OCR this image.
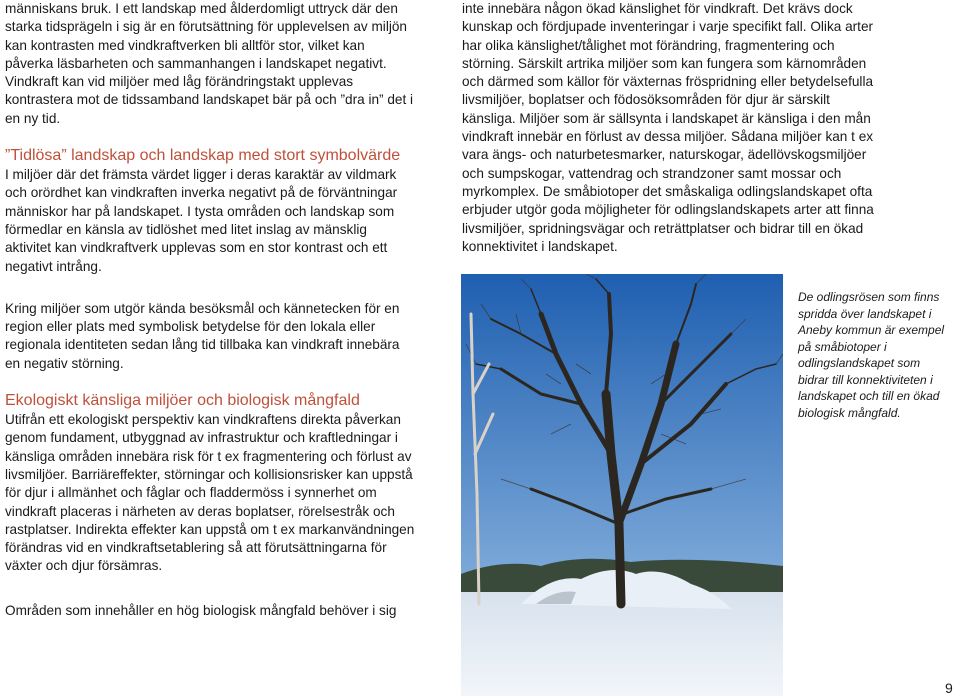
människans bruk. I ett landskap med ålderdomligt uttryck där den starka tidsprägeln i sig är en förutsättning för upplevelsen av miljön kan kontrasten med vindkraftverken bli alltför stor, vilket kan påverka läsbarheten och sammanhangen i landskapet negativt. Vindkraft kan vid miljöer med låg förändringstakt upplevas kontrastera mot de tidssamband landskapet bär på och ”dra in” det i en ny tid.

”Tidlösa” landskap och landskap med stort symbolvärde

I miljöer där det främsta värdet ligger i deras karaktär av vildmark och orördhet kan vindkraften inverka negativt på de förväntningar människor har på landskapet. I tysta områden och landskap som förmedlar en känsla av tidlöshet med litet inslag av mänsklig aktivitet kan vindkraftverk upplevas som en stor kontrast och ett negativt intrång.

Kring miljöer som utgör kända besöksmål och kännetecken för en region eller plats med symbolisk betydelse för den lokala eller regionala identiteten sedan lång tid tillbaka kan vindkraft innebära en negativ störning.

Ekologiskt känsliga miljöer och biologisk mångfald

Utifrån ett ekologiskt perspektiv kan vindkraftens direkta påverkan genom fundament, utbyggnad av infrastruktur och kraftledningar i känsliga områden innebära risk för t ex fragmentering och förlust av livsmiljöer. Barriäreffekter, störningar och kollisionsrisker kan uppstå för djur i allmänhet och fåglar och fladdermöss i synnerhet om vindkraft placeras i närheten av deras boplatser, rörelsestråk och rastplatser. Indirekta effekter kan uppstå om t ex markanvändningen förändras vid en vindkraftsetablering så att förutsättningarna för växter och djur försämras.

Områden som innehåller en hög biologisk mångfald behöver i sig

inte innebära någon ökad känslighet för vindkraft. Det krävs dock kunskap och fördjupade inventeringar i varje specifikt fall. Olika arter har olika känslighet/tålighet mot förändring, fragmentering och störning. Särskilt artrika miljöer som kan fungera som kärnområden och därmed som källor för växternas fröspridning eller betydelsefulla livsmiljöer, boplatser och födosöksområden för djur är särskilt känsliga. Miljöer som är sällsynta i landskapet är känsliga i den mån vindkraft innebär en förlust av dessa miljöer. Sådana miljöer kan t ex vara ängs- och naturbetesmarker, naturskogar, ädellövskogsmiljöer och sumpskogar, vattendrag och strandzoner samt mossar och myrkomplex. De småbiotoper det småskaliga odlingslandskapet ofta erbjuder utgör goda möjligheter för odlingslandskapets arter att finna livsmiljöer, spridningsvägar och reträttplatser och bidrar till en ökad konnektivitet i landskapet.

De odlingsrösen som finns spridda över landskapet i Aneby kommun är exempel på småbiotoper i odlingslandskapet som bidrar till konnektiviteten i landskapet och till en ökad biologisk mångfald.
9
